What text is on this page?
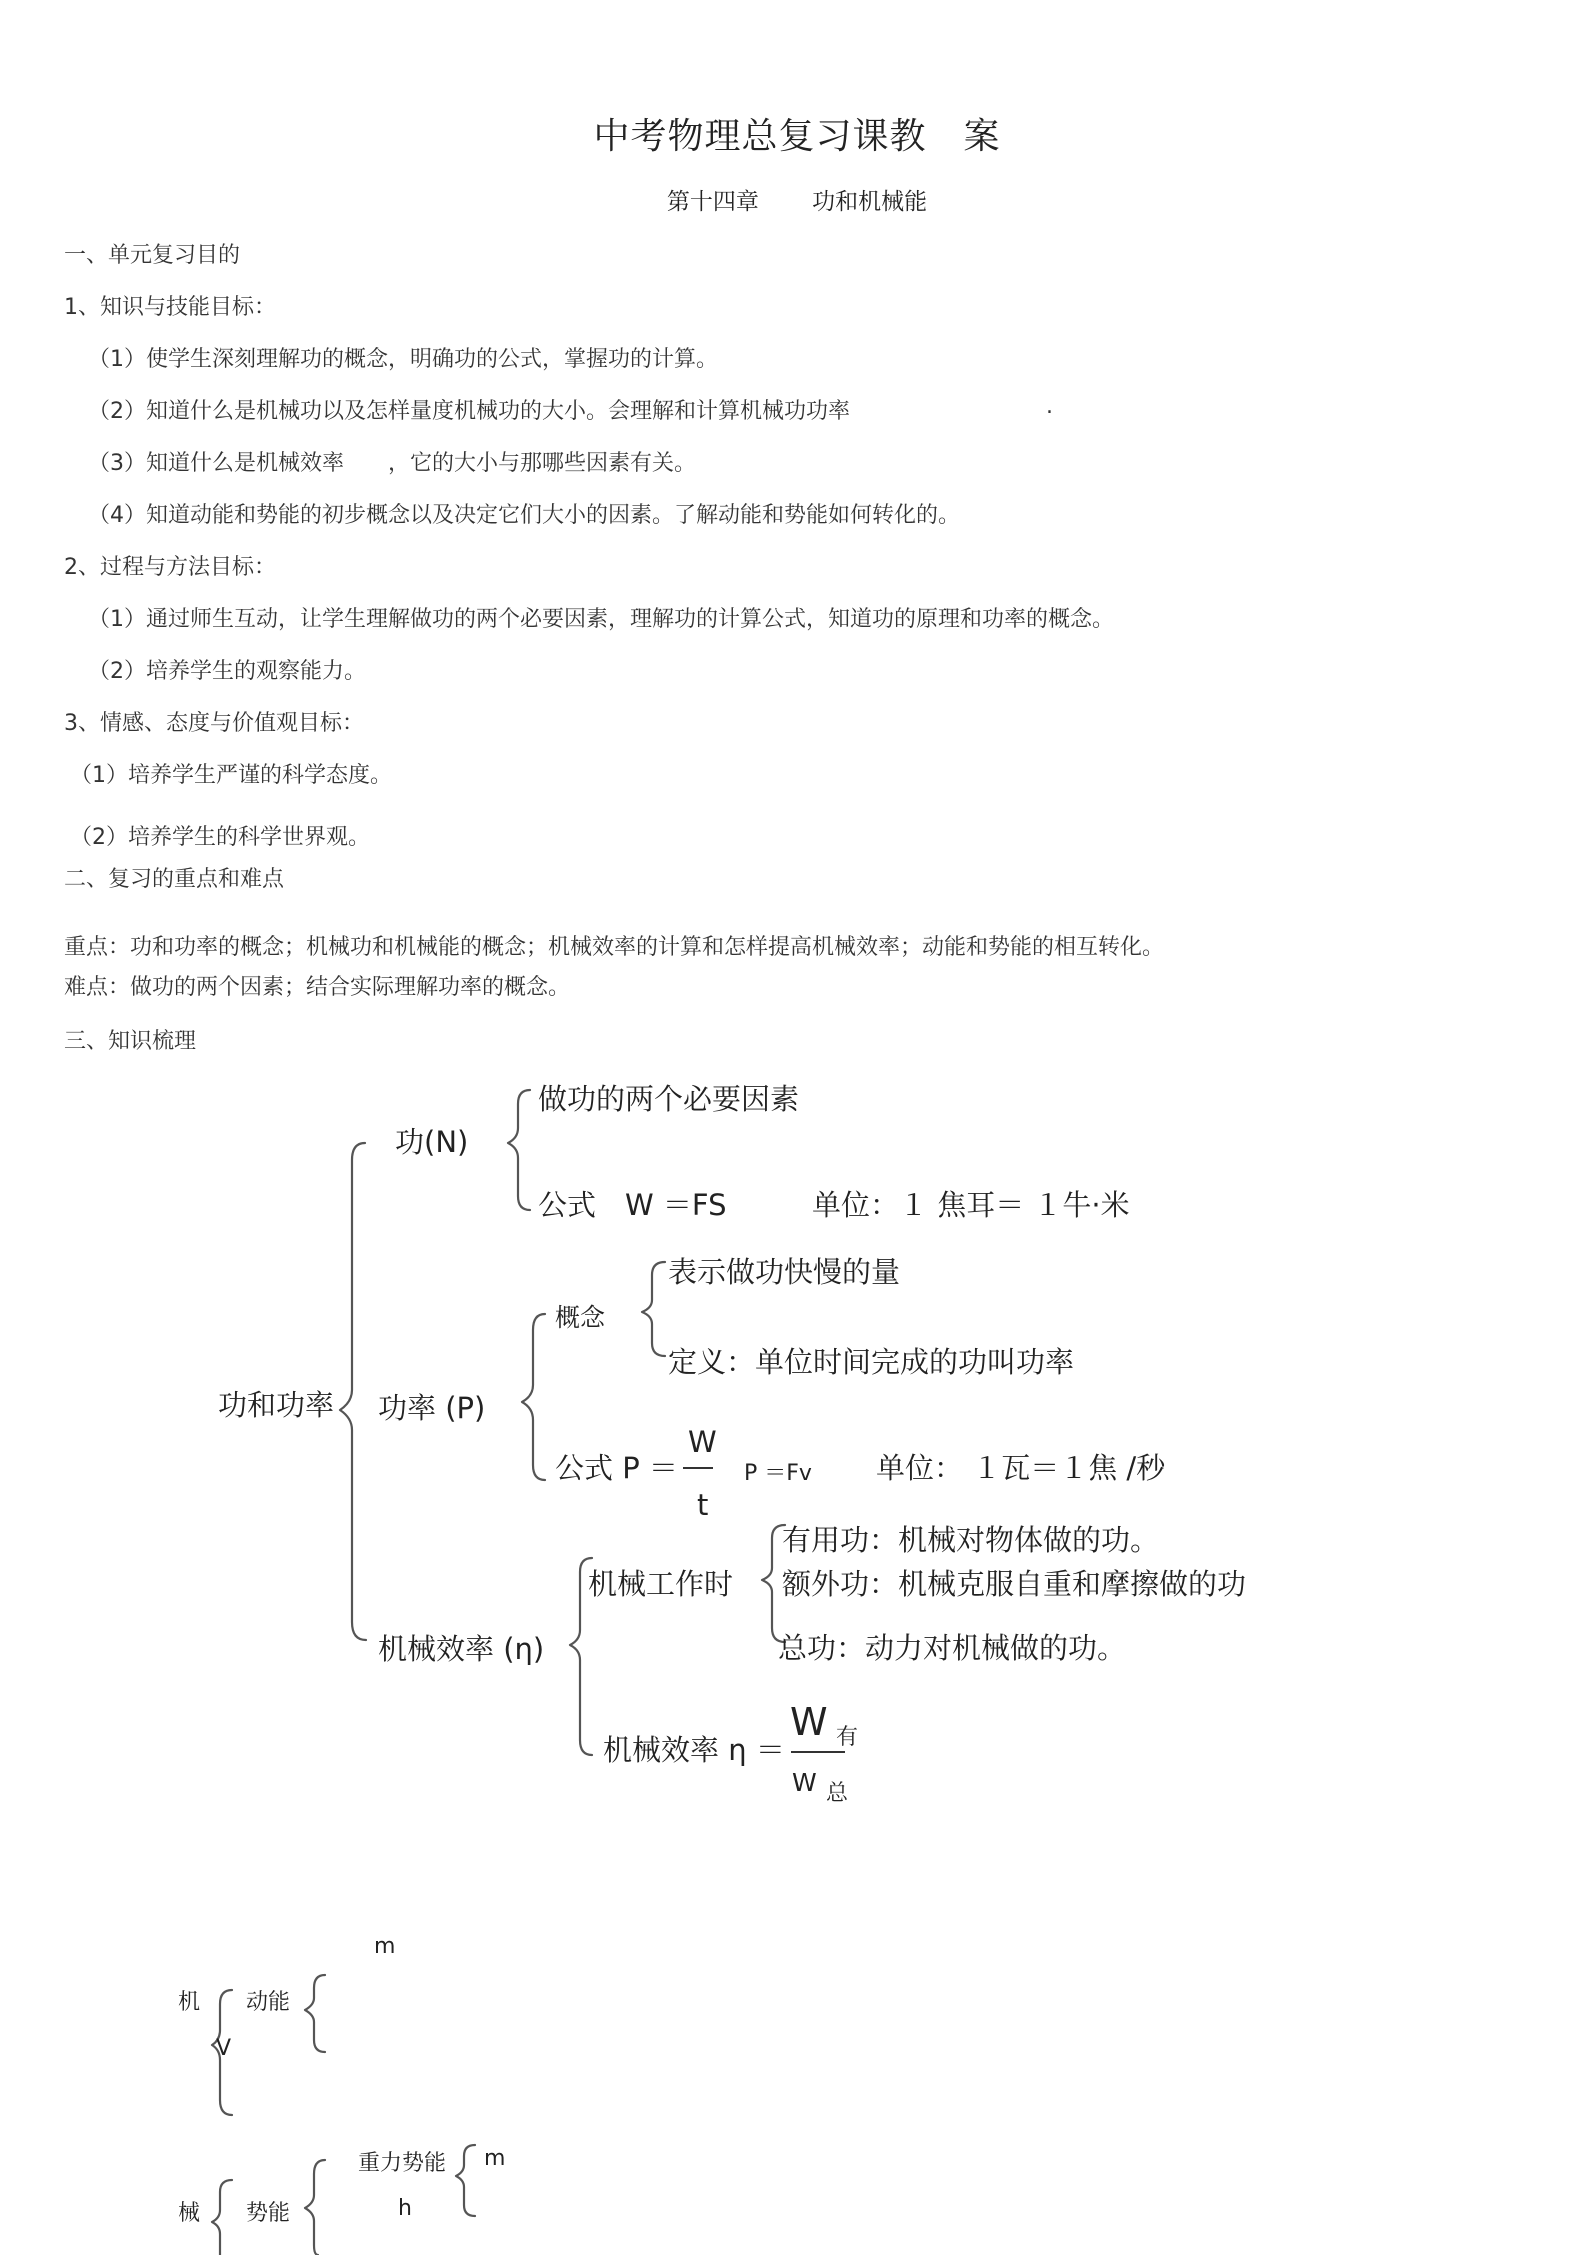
中考物理总复习课教　案
第十四章　　 功和机械能
一、单元复习目的
1、知识与技能目标：
（1）使学生深刻理解功的概念，明确功的公式，掌握功的计算。
（2）知道什么是机械功以及怎样量度机械功的大小。会理解和计算机械功功率	.
（3）知道什么是机械效率 ，它的大小与那哪些因素有关。
（4）知道动能和势能的初步概念以及决定它们大小的因素。了解动能和势能如何转化的。
2、过程与方法目标：
（1）通过师生互动，让学生理解做功的两个必要因素，理解功的计算公式，知道功的原理和功率的概念。
（2）培养学生的观察能力。
3、情感、态度与价值观目标：
（1）培养学生严谨的科学态度。
（2）培养学生的科学世界观。
二、复习的重点和难点
重点：功和功率的概念；机械功和机械能的概念；机械效率的计算和怎样提高机械效率；动能和势能的相互转化。
难点：做功的两个因素；结合实际理解功率的概念。
三、知识梳理
功和功率
功(N)
做功的两个必要因素
公式　W ＝FS	单位：１ 焦耳＝ １牛·米
功率 (P)
概念
表示做功快慢的量
定义：单位时间完成的功叫功率
公式 P ＝
W
t
P ＝Fv 单位： １瓦＝１焦 /秒
机械效率 (η)
机械工作时
有用功：机械对物体做的功。
额外功：机械克服自重和摩擦做的功
总功：动力对机械做的功。
机械效率 η ＝
W 有
W 总
m
机 动能
V
重力势能 m
械 势能	h
